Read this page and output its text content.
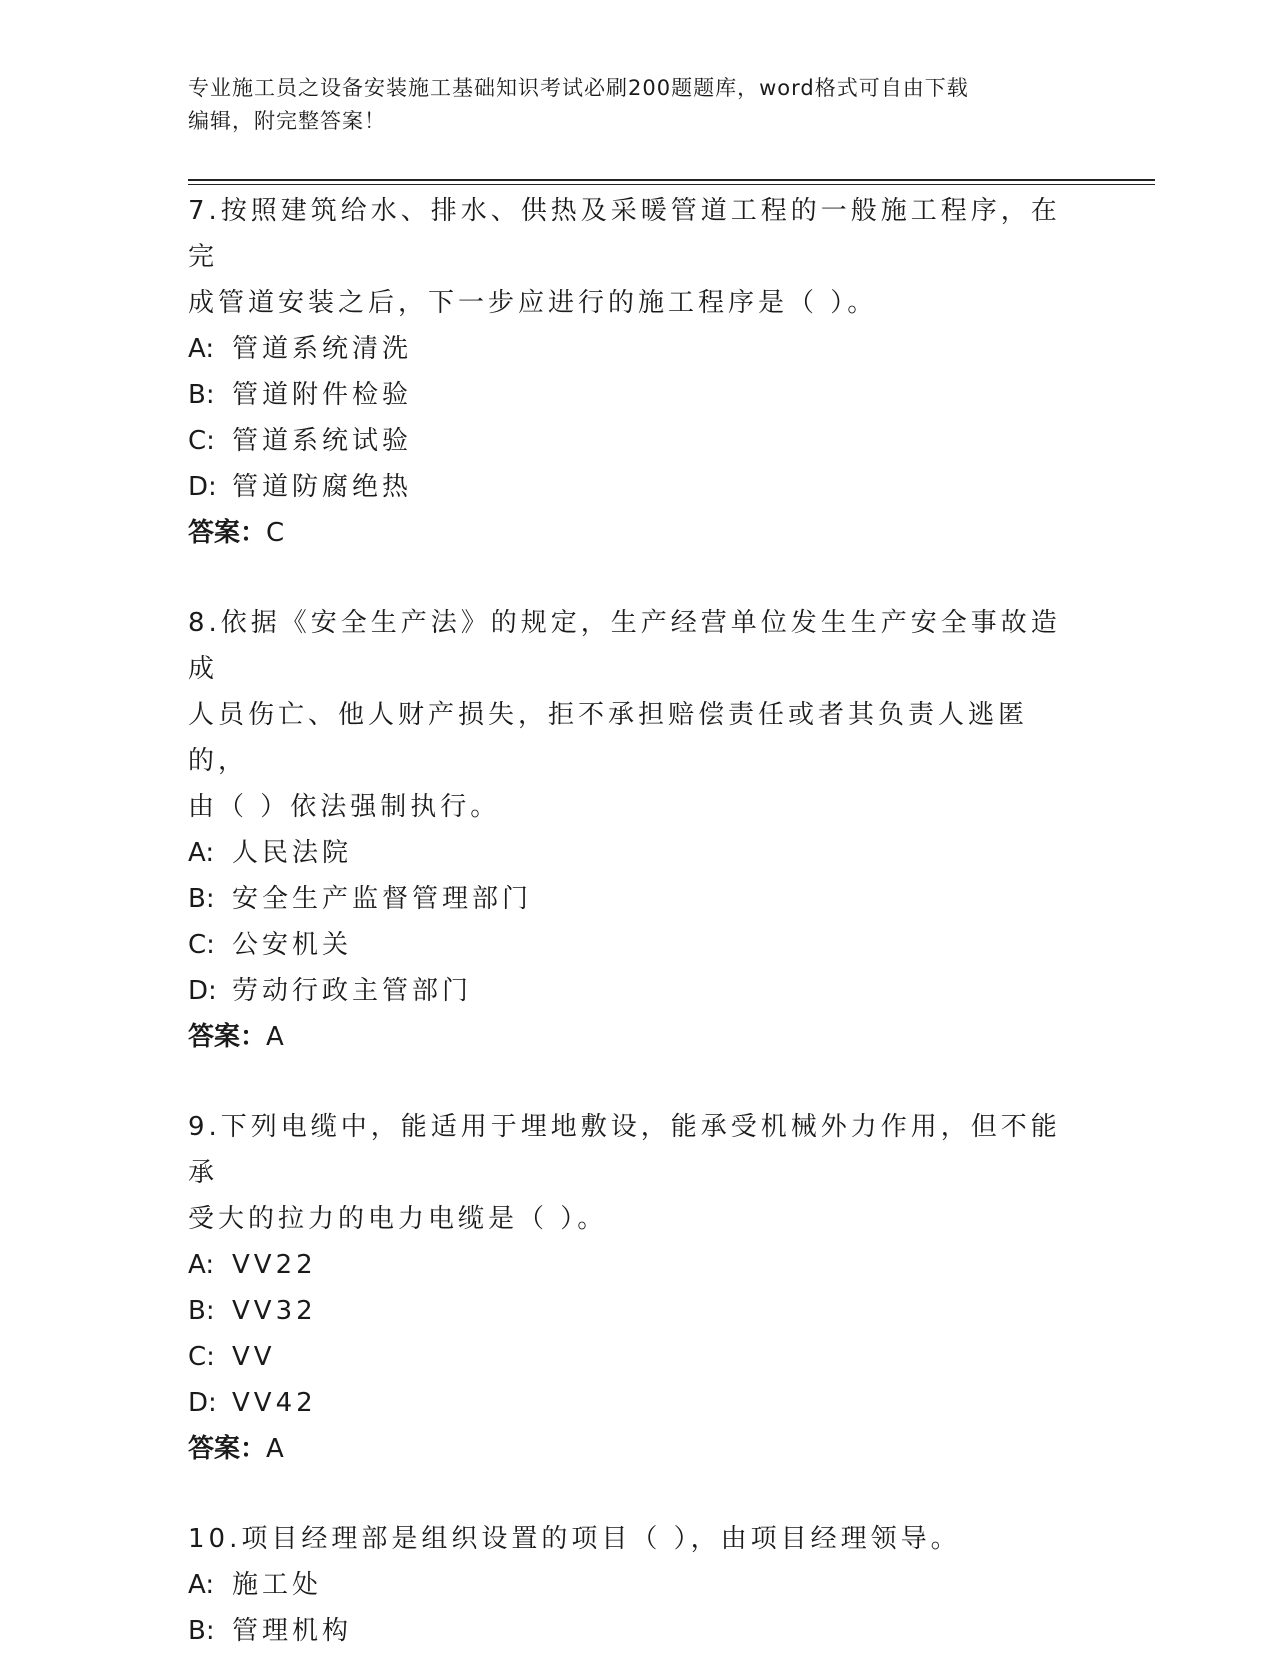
专业施工员之设备安装施工基础知识考试必刷200题题库，word格式可自由下载
编辑，附完整答案！

7.按照建筑给水、排水、供热及采暖管道工程的一般施工程序，在完

成管道安装之后，下一步应进行的施工程序是（ ）。

A: 管道系统清洗

B: 管道附件检验

C: 管道系统试验

D: 管道防腐绝热

答案：C

8.依据《安全生产法》的规定，生产经营单位发生生产安全事故造成

人员伤亡、他人财产损失，拒不承担赔偿责任或者其负责人逃匿的，

由（ ）依法强制执行。

A: 人民法院

B: 安全生产监督管理部门

C: 公安机关

D: 劳动行政主管部门

答案：A

9.下列电缆中，能适用于埋地敷设，能承受机械外力作用，但不能承

受大的拉力的电力电缆是（ ）。

A: VV22

B: VV32

C: VV

D: VV42

答案：A

10.项目经理部是组织设置的项目（ ），由项目经理领导。

A: 施工处

B: 管理机构
